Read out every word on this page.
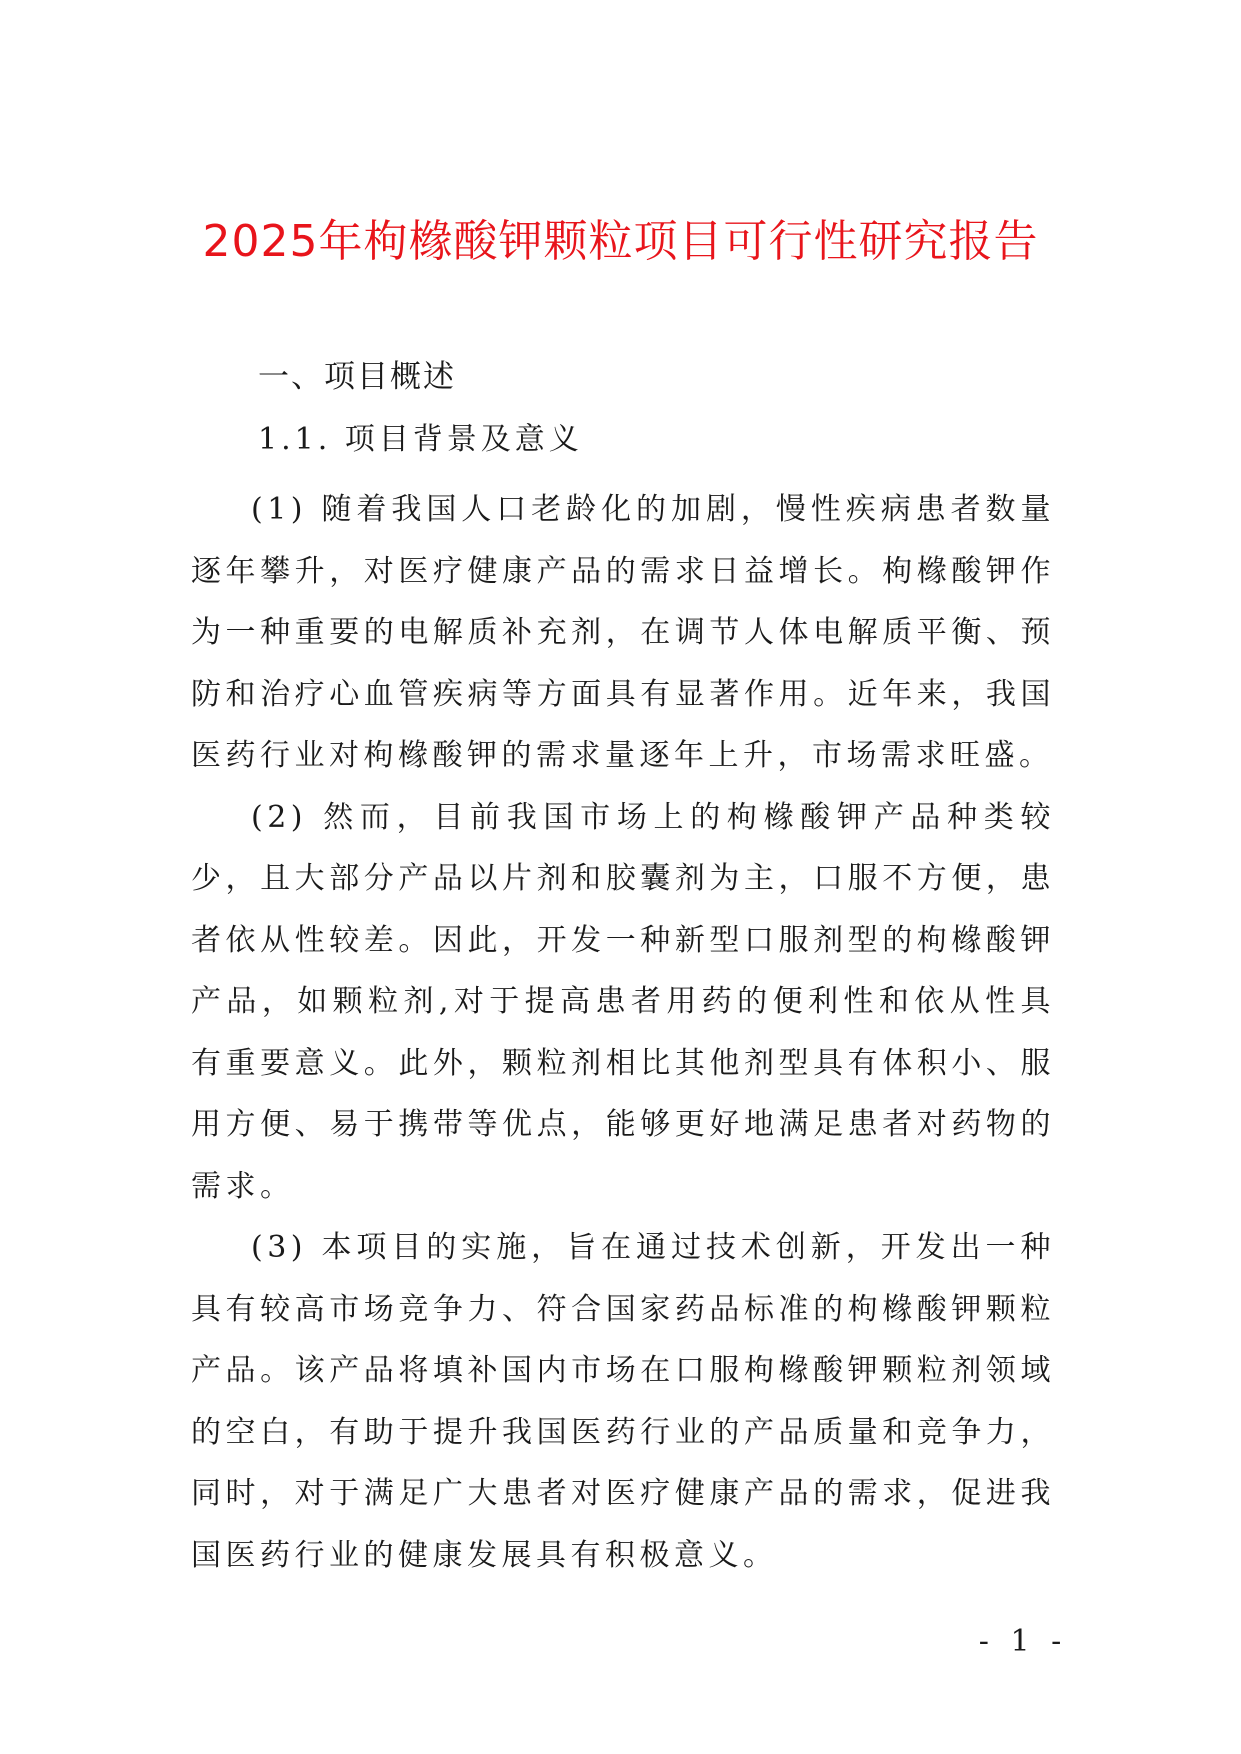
2025年枸橼酸钾颗粒项目可行性研究报告
一、项目概述
1.1. 项目背景及意义

(1) 随着我国人口老龄化的加剧，慢性疾病患者数量逐年攀升，对医疗健康产品的需求日益增长。枸橼酸钾作为一种重要的电解质补充剂，在调节人体电解质平衡、预防和治疗心血管疾病等方面具有显著作用。近年来，我国医药行业对枸橼酸钾的需求量逐年上升，市场需求旺盛。

(2) 然而，目前我国市场上的枸橼酸钾产品种类较少，且大部分产品以片剂和胶囊剂为主，口服不方便，患者依从性较差。因此，开发一种新型口服剂型的枸橼酸钾产品，如颗粒剂,对于提高患者用药的便利性和依从性具有重要意义。此外，颗粒剂相比其他剂型具有体积小、服用方便、易于携带等优点，能够更好地满足患者对药物的需求。

(3) 本项目的实施，旨在通过技术创新，开发出一种具有较高市场竞争力、符合国家药品标准的枸橼酸钾颗粒产品。该产品将填补国内市场在口服枸橼酸钾颗粒剂领域的空白，有助于提升我国医药行业的产品质量和竞争力，同时，对于满足广大患者对医疗健康产品的需求，促进我国医药行业的健康发展具有积极意义。

- 1 -
